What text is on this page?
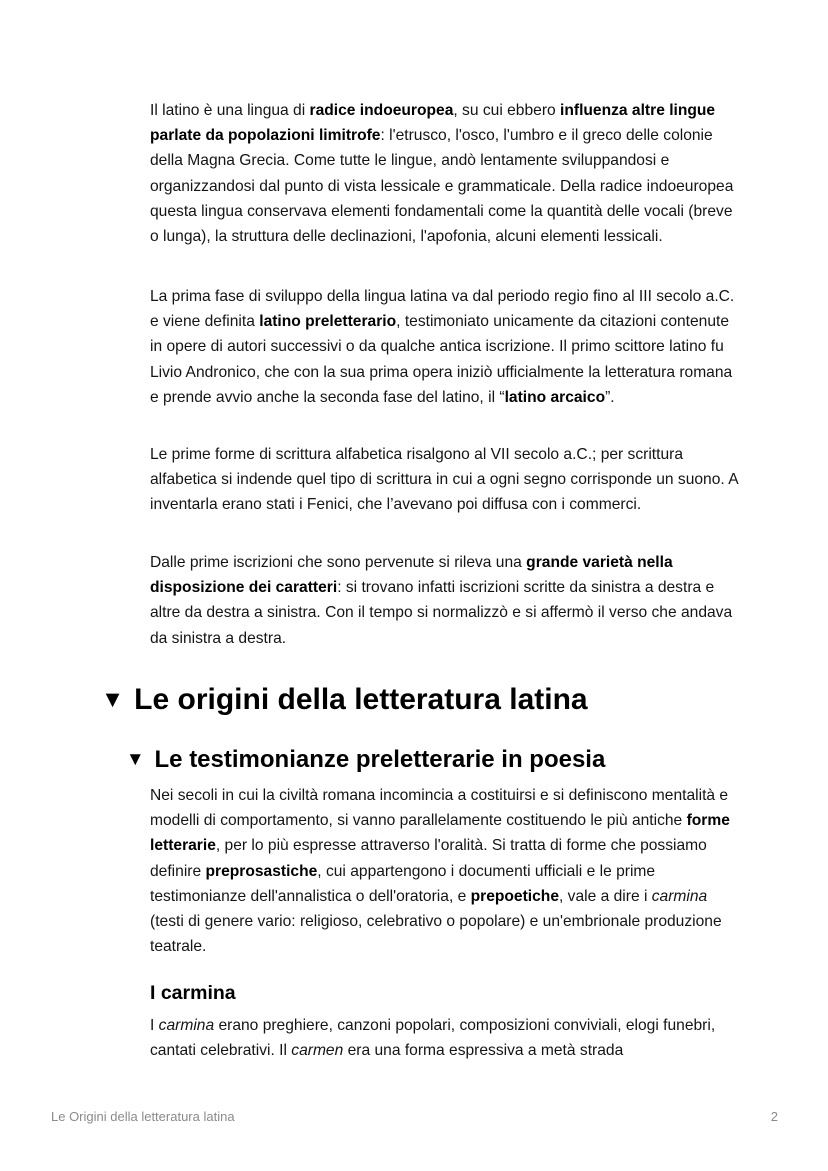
Il latino è una lingua di radice indoeuropea, su cui ebbero influenza altre lingue parlate da popolazioni limitrofe: l'etrusco, l'osco, l'umbro e il greco delle colonie della Magna Grecia. Come tutte le lingue, andò lentamente sviluppandosi e organizzandosi dal punto di vista lessicale e grammaticale. Della radice indoeuropea questa lingua conservava elementi fondamentali come la quantità delle vocali (breve o lunga), la struttura delle declinazioni, l'apofonia, alcuni elementi lessicali.

La prima fase di sviluppo della lingua latina va dal periodo regio fino al III secolo a.C. e viene definita latino preletterario, testimoniato unicamente da citazioni contenute in opere di autori successivi o da qualche antica iscrizione. Il primo scittore latino fu Livio Andronico, che con la sua prima opera iniziò ufficialmente la letteratura romana e prende avvio anche la seconda fase del latino, il “latino arcaico”.

Le prime forme di scrittura alfabetica risalgono al VII secolo a.C.; per scrittura alfabetica si indende quel tipo di scrittura in cui a ogni segno corrisponde un suono. A inventarla erano stati i Fenici, che l’avevano poi diffusa con i commerci.

Dalle prime iscrizioni che sono pervenute si rileva una grande varietà nella disposizione dei caratteri: si trovano infatti iscrizioni scritte da sinistra a destra e altre da destra a sinistra. Con il tempo si normalizzò e si affermò il verso che andava da sinistra a destra.

▼ Le origini della letteratura latina
▼ Le testimonianze preletterarie in poesia

Nei secoli in cui la civiltà romana incomincia a costituirsi e si definiscono mentalità e modelli di comportamento, si vanno parallelamente costituendo le più antiche forme letterarie, per lo più espresse attraverso l'oralità. Si tratta di forme che possiamo definire preprosastiche, cui appartengono i documenti ufficiali e le prime testimonianze dell'annalistica o dell'oratoria, e prepoetiche, vale a dire i carmina (testi di genere vario: religioso, celebrativo o popolare) e un'embrionale produzione teatrale.

I carmina

I carmina erano preghiere, canzoni popolari, composizioni conviviali, elogi funebri, cantati celebrativi. Il carmen era una forma espressiva a metà strada

Le Origini della letteratura latina	2
